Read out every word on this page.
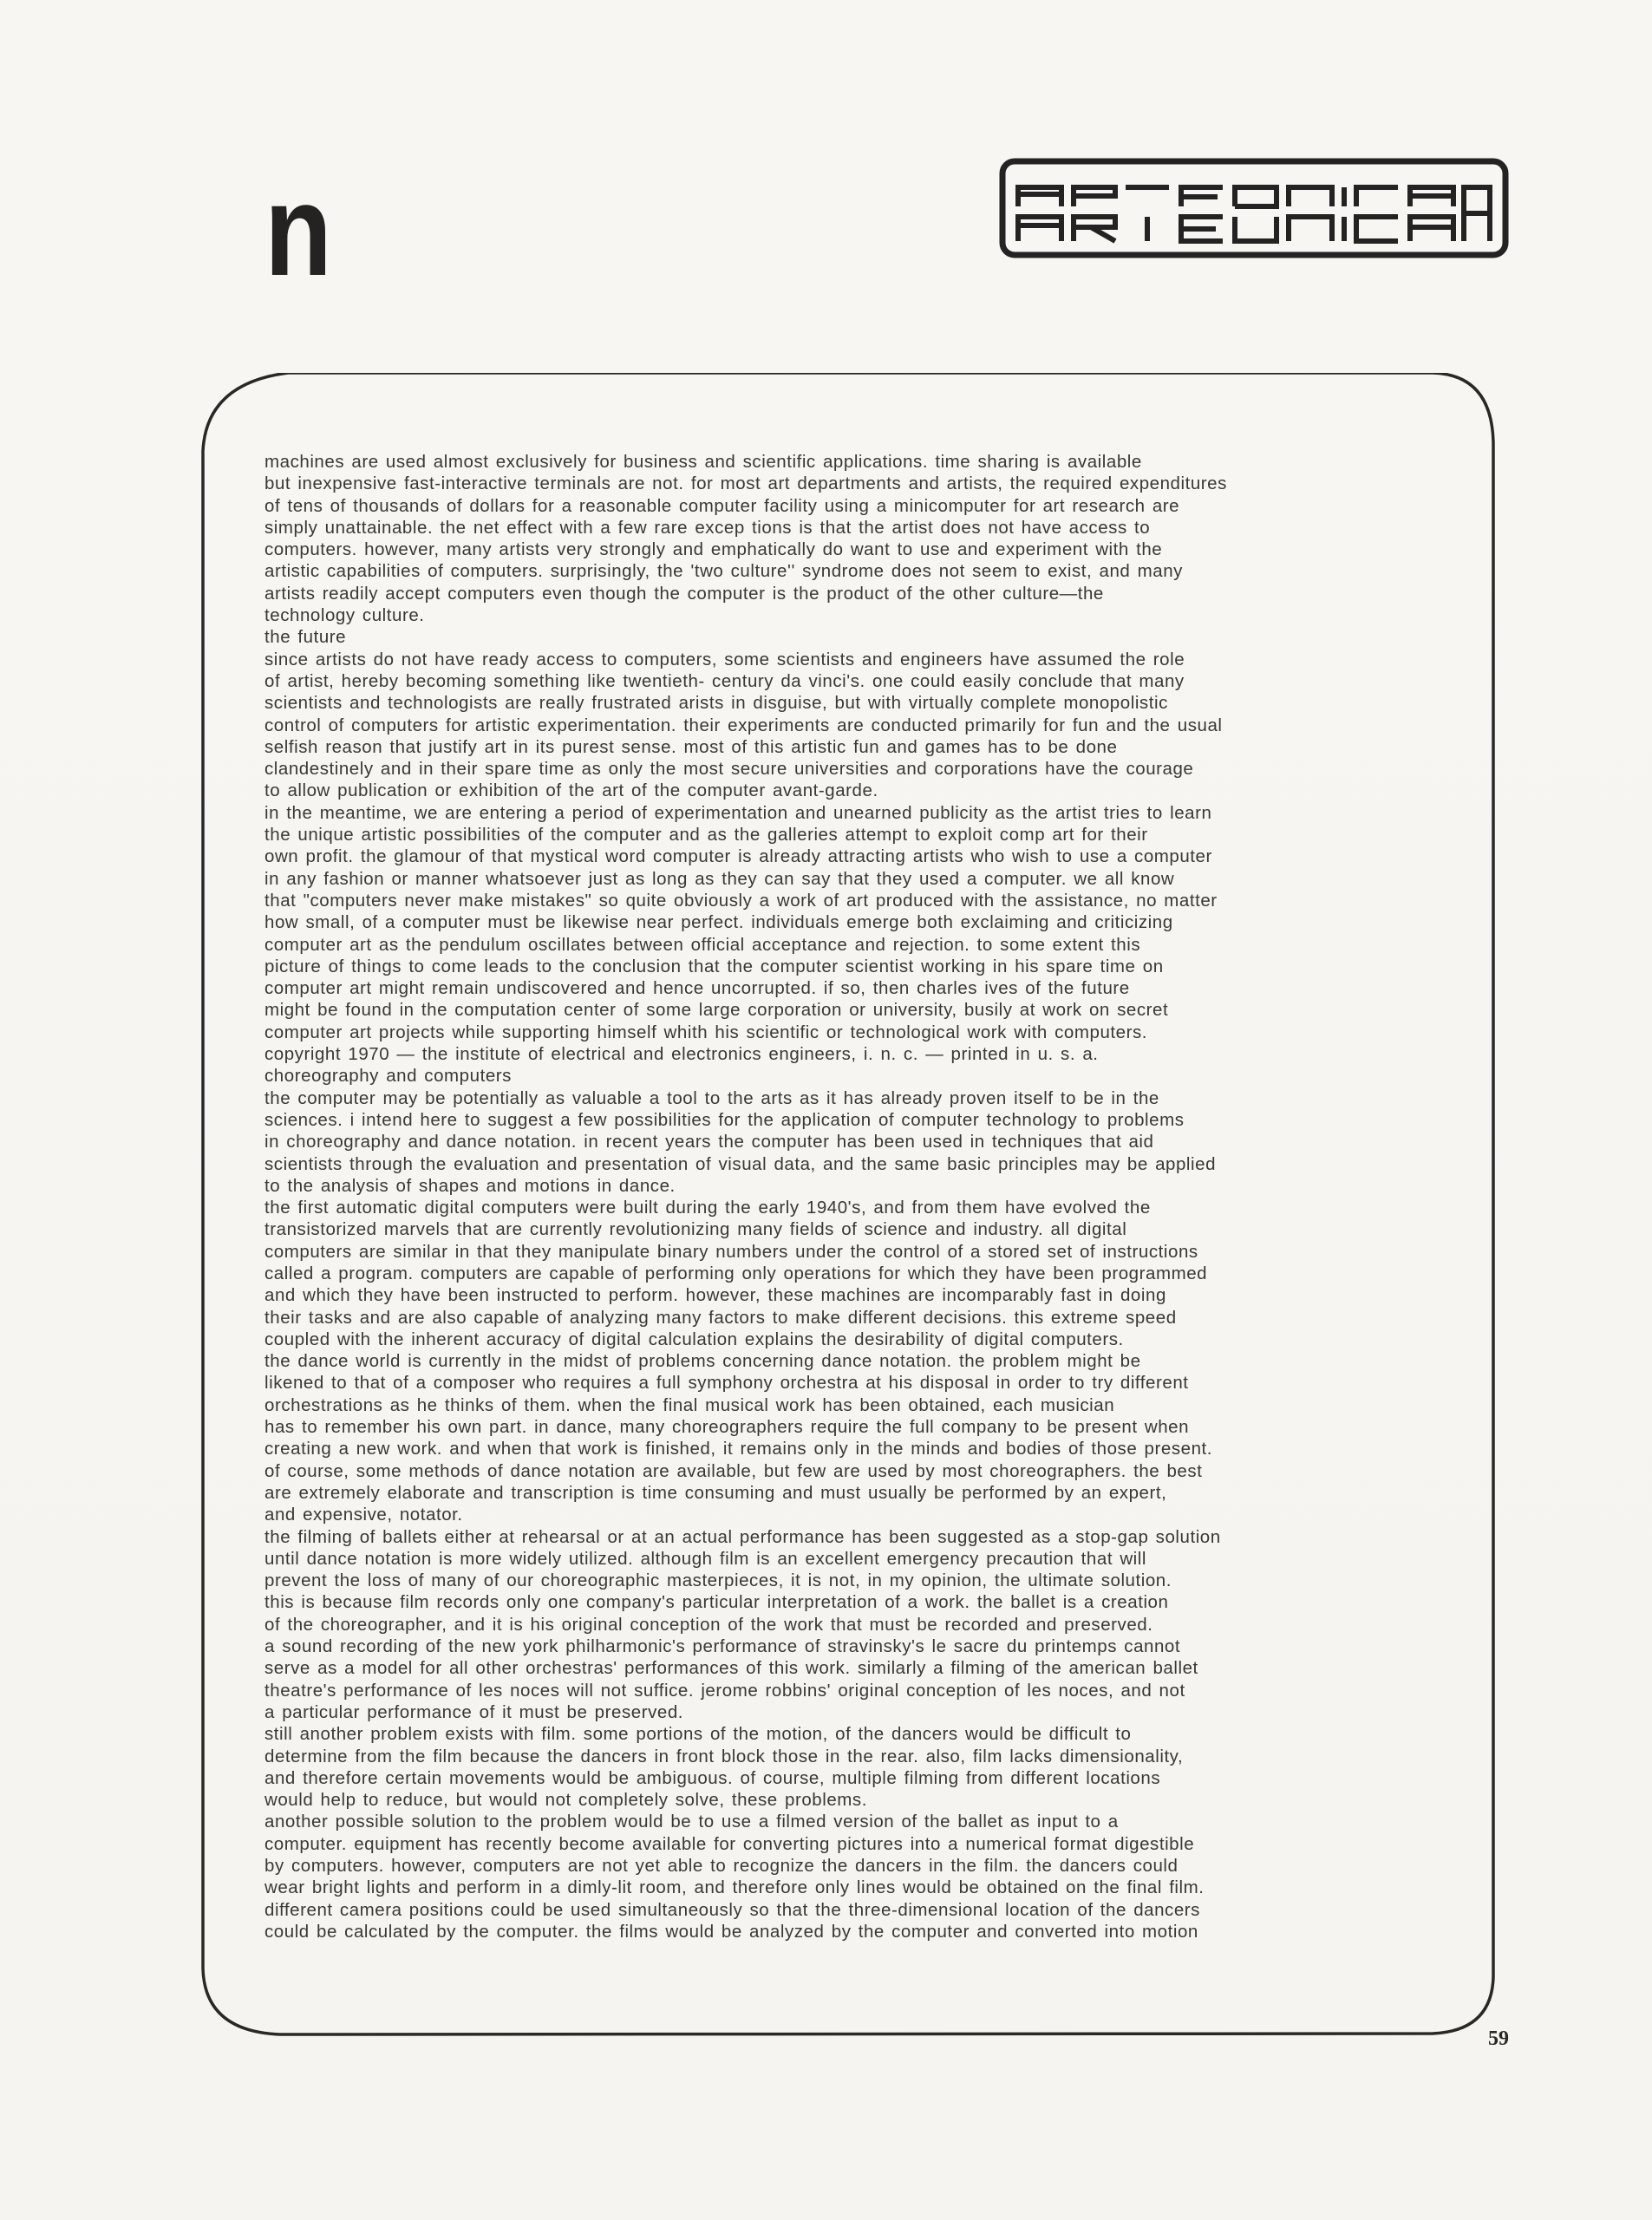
n
machines are used almost exclusively for business and scientific applications. time sharing is available
but inexpensive fast-interactive terminals are not. for most art departments and artists, the required expenditures
of tens of thousands of dollars for a reasonable computer facility using a minicomputer for art research are
simply unattainable. the net effect with a few rare excep tions is that the artist does not have access to
computers. however, many artists very strongly and emphatically do want to use and experiment with the
artistic capabilities of computers. surprisingly, the 'two culture'' syndrome does not seem to exist, and many
artists readily accept computers even though the computer is the product of the other culture—the
technology culture.
the future
since artists do not have ready access to computers, some scientists and engineers have assumed the role
of artist, hereby becoming something like twentieth- century da vinci's. one could easily conclude that many
scientists and technologists are really frustrated arists in disguise, but with virtually complete monopolistic
control of computers for artistic experimentation. their experiments are conducted primarily for fun and the usual
selfish reason that justify art in its purest sense. most of this artistic fun and games has to be done
clandestinely and in their spare time as only the most secure universities and corporations have the courage
to allow publication or exhibition of the art of the computer avant-garde.
in the meantime, we are entering a period of experimentation and unearned publicity as the artist tries to learn
the unique artistic possibilities of the computer and as the galleries attempt to exploit comp art for their
own profit. the glamour of that mystical word computer is already attracting artists who wish to use a computer
in any fashion or manner whatsoever just as long as they can say that they used a computer. we all know
that "computers never make mistakes" so quite obviously a work of art produced with the assistance, no matter
how small, of a computer must be likewise near perfect. individuals emerge both exclaiming and criticizing
computer art as the pendulum oscillates between official acceptance and rejection. to some extent this
picture of things to come leads to the conclusion that the computer scientist working in his spare time on
computer art might remain undiscovered and hence uncorrupted. if so, then charles ives of the future
might be found in the computation center of some large corporation or university, busily at work on secret
computer art projects while supporting himself whith his scientific or technological work with computers.
copyright 1970 — the institute of electrical and electronics engineers, i. n. c. — printed in u. s. a.
choreography and computers
the computer may be potentially as valuable a tool to the arts as it has already proven itself to be in the
sciences. i intend here to suggest a few possibilities for the application of computer technology to problems
in choreography and dance notation. in recent years the computer has been used in techniques that aid
scientists through the evaluation and presentation of visual data, and the same basic principles may be applied
to the analysis of shapes and motions in dance.
the first automatic digital computers were built during the early 1940's, and from them have evolved the
transistorized marvels that are currently revolutionizing many fields of science and industry. all digital
computers are similar in that they manipulate binary numbers under the control of a stored set of instructions
called a program. computers are capable of performing only operations for which they have been programmed
and which they have been instructed to perform. however, these machines are incomparably fast in doing
their tasks and are also capable of analyzing many factors to make different decisions. this extreme speed
coupled with the inherent accuracy of digital calculation explains the desirability of digital computers.
the dance world is currently in the midst of problems concerning dance notation. the problem might be
likened to that of a composer who requires a full symphony orchestra at his disposal in order to try different
orchestrations as he thinks of them. when the final musical work has been obtained, each musician
has to remember his own part. in dance, many choreographers require the full company to be present when
creating a new work. and when that work is finished, it remains only in the minds and bodies of those present.
of course, some methods of dance notation are available, but few are used by most choreographers. the best
are extremely elaborate and transcription is time consuming and must usually be performed by an expert,
and expensive, notator.
the filming of ballets either at rehearsal or at an actual performance has been suggested as a stop-gap solution
until dance notation is more widely utilized. although film is an excellent emergency precaution that will
prevent the loss of many of our choreographic masterpieces, it is not, in my opinion, the ultimate solution.
this is because film records only one company's particular interpretation of a work. the ballet is a creation
of the choreographer, and it is his original conception of the work that must be recorded and preserved.
a sound recording of the new york philharmonic's performance of stravinsky's le sacre du printemps cannot
serve as a model for all other orchestras' performances of this work. similarly a filming of the american ballet
theatre's performance of les noces will not suffice. jerome robbins' original conception of les noces, and not
a particular performance of it must be preserved.
still another problem exists with film. some portions of the motion, of the dancers would be difficult to
determine from the film because the dancers in front block those in the rear. also, film lacks dimensionality,
and therefore certain movements would be ambiguous. of course, multiple filming from different locations
would help to reduce, but would not completely solve, these problems.
another possible solution to the problem would be to use a filmed version of the ballet as input to a
computer. equipment has recently become available for converting pictures into a numerical format digestible
by computers. however, computers are not yet able to recognize the dancers in the film. the dancers could
wear bright lights and perform in a dimly-lit room, and therefore only lines would be obtained on the final film.
different camera positions could be used simultaneously so that the three-dimensional location of the dancers
could be calculated by the computer. the films would be analyzed by the computer and converted into motion
59
